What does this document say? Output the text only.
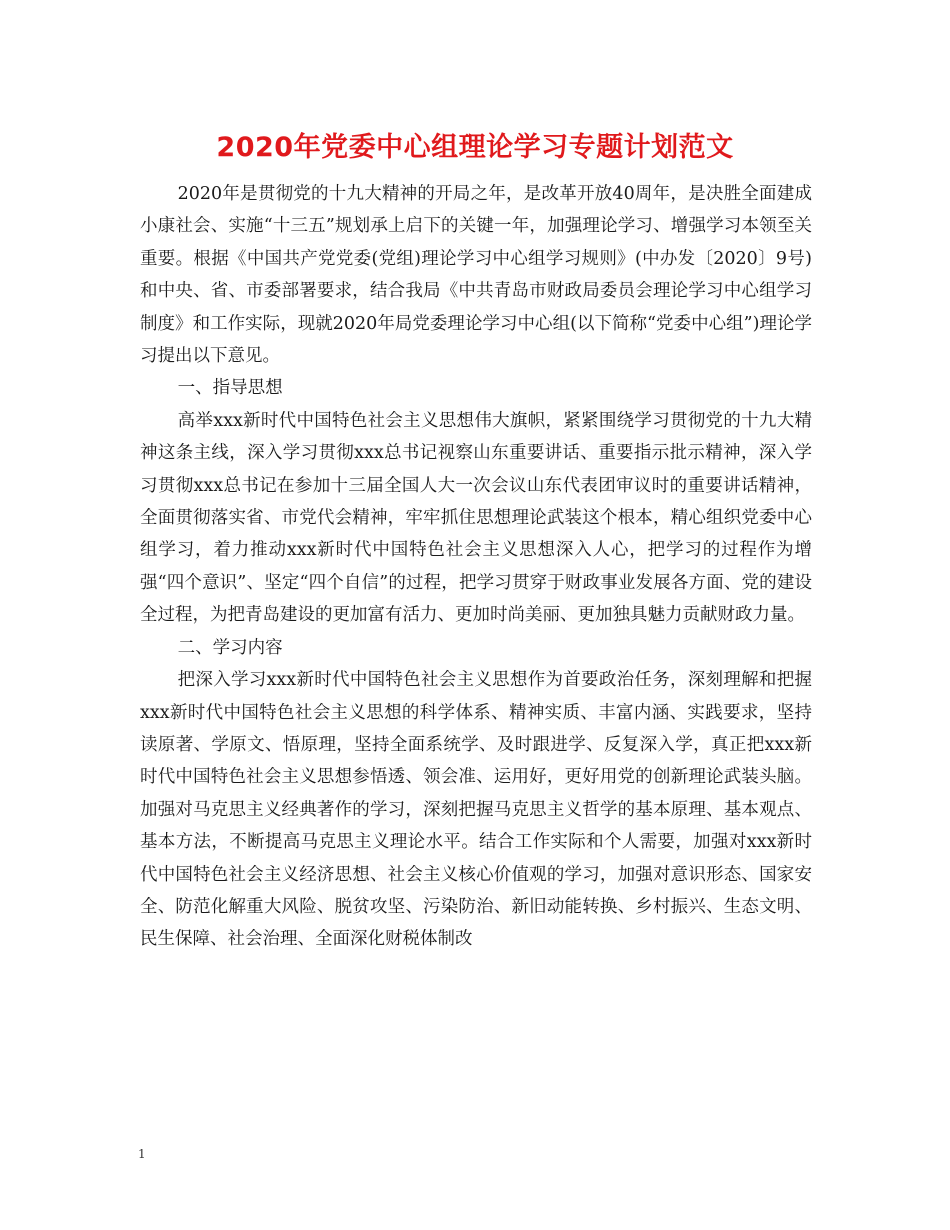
2020年党委中心组理论学习专题计划范文

2020年是贯彻党的十九大精神的开局之年，是改革开放40周年，是决胜全面建成小康社会、实施“十三五”规划承上启下的关键一年，加强理论学习、增强学习本领至关重要。根据《中国共产党党委(党组)理论学习中心组学习规则》(中办发〔2020〕9号)和中央、省、市委部署要求，结合我局《中共青岛市财政局委员会理论学习中心组学习制度》和工作实际，现就2020年局党委理论学习中心组(以下简称“党委中心组”)理论学习提出以下意见。

一、指导思想

高举xxx新时代中国特色社会主义思想伟大旗帜，紧紧围绕学习贯彻党的十九大精神这条主线，深入学习贯彻xxx总书记视察山东重要讲话、重要指示批示精神，深入学习贯彻xxx总书记在参加十三届全国人大一次会议山东代表团审议时的重要讲话精神，全面贯彻落实省、市党代会精神，牢牢抓住思想理论武装这个根本，精心组织党委中心组学习，着力推动xxx新时代中国特色社会主义思想深入人心，把学习的过程作为增强“四个意识”、坚定“四个自信”的过程，把学习贯穿于财政事业发展各方面、党的建设全过程，为把青岛建设的更加富有活力、更加时尚美丽、更加独具魅力贡献财政力量。

二、学习内容

把深入学习xxx新时代中国特色社会主义思想作为首要政治任务，深刻理解和把握xxx新时代中国特色社会主义思想的科学体系、精神实质、丰富内涵、实践要求，坚持读原著、学原文、悟原理，坚持全面系统学、及时跟进学、反复深入学，真正把xxx新时代中国特色社会主义思想参悟透、领会准、运用好，更好用党的创新理论武装头脑。加强对马克思主义经典著作的学习，深刻把握马克思主义哲学的基本原理、基本观点、基本方法，不断提高马克思主义理论水平。结合工作实际和个人需要，加强对xxx新时代中国特色社会主义经济思想、社会主义核心价值观的学习，加强对意识形态、国家安全、防范化解重大风险、脱贫攻坚、污染防治、新旧动能转换、乡村振兴、生态文明、民生保障、社会治理、全面深化财税体制改

1
